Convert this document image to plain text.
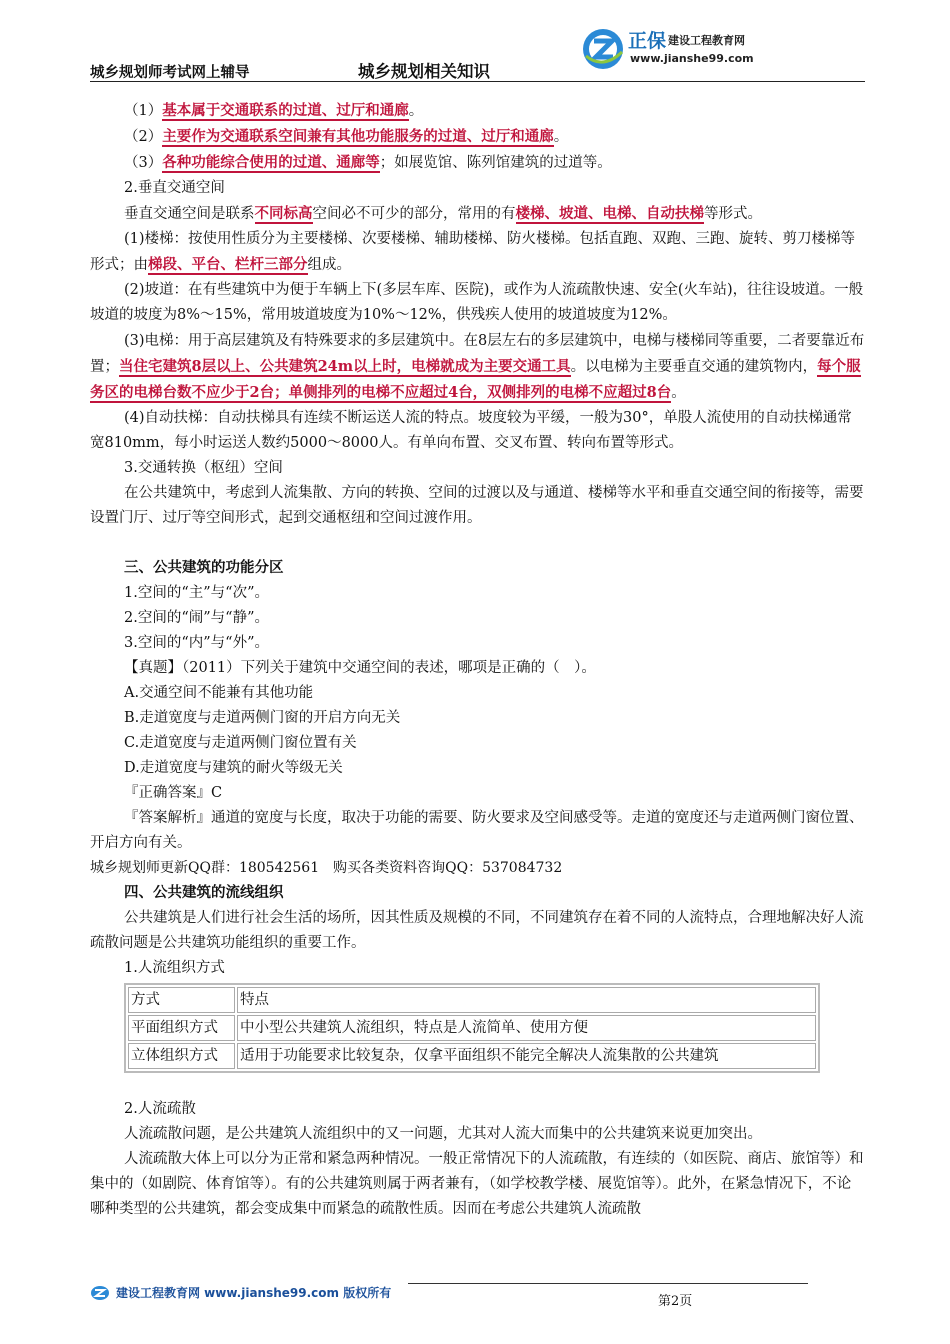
城乡规划师考试网上辅导	城乡规划相关知识
正保 建设工程教育网
www.jianshe99.com

（1）基本属于交通联系的过道、过厅和通廊。

（2）主要作为交通联系空间兼有其他功能服务的过道、过厅和通廊。

（3）各种功能综合使用的过道、通廊等；如展览馆、陈列馆建筑的过道等。

2.垂直交通空间

垂直交通空间是联系不同标高空间必不可少的部分，常用的有楼梯、坡道、电梯、自动扶梯等形式。

(1)楼梯：按使用性质分为主要楼梯、次要楼梯、辅助楼梯、防火楼梯。包括直跑、双跑、三跑、旋转、剪刀楼梯等形式；由梯段、平台、栏杆三部分组成。

(2)坡道：在有些建筑中为便于车辆上下(多层车库、医院)，或作为人流疏散快速、安全(火车站)，往往设坡道。一般坡道的坡度为8%～15%，常用坡道坡度为10%～12%，供残疾人使用的坡道坡度为12%。

(3)电梯：用于高层建筑及有特殊要求的多层建筑中。在8层左右的多层建筑中，电梯与楼梯同等重要，二者要靠近布置；当住宅建筑8层以上、公共建筑24m以上时，电梯就成为主要交通工具。以电梯为主要垂直交通的建筑物内，每个服务区的电梯台数不应少于2台；单侧排列的电梯不应超过4台，双侧排列的电梯不应超过8台。

(4)自动扶梯：自动扶梯具有连续不断运送人流的特点。坡度较为平缓，一般为30°，单股人流使用的自动扶梯通常宽810mm，每小时运送人数约5000～8000人。有单向布置、交叉布置、转向布置等形式。

3.交通转换（枢纽）空间

在公共建筑中，考虑到人流集散、方向的转换、空间的过渡以及与通道、楼梯等水平和垂直交通空间的衔接等，需要设置门厅、过厅等空间形式，起到交通枢纽和空间过渡作用。

三、公共建筑的功能分区

1.空间的“主”与“次”。

2.空间的“闹”与“静”。

3.空间的“内”与“外”。

【真题】（2011）下列关于建筑中交通空间的表述，哪项是正确的（　）。

A.交通空间不能兼有其他功能

B.走道宽度与走道两侧门窗的开启方向无关

C.走道宽度与走道两侧门窗位置有关

D.走道宽度与建筑的耐火等级无关

『正确答案』C

『答案解析』通道的宽度与长度，取决于功能的需要、防火要求及空间感受等。走道的宽度还与走道两侧门窗位置、开启方向有关。

城乡规划师更新QQ群：180542561　购买各类资料咨询QQ：537084732

四、公共建筑的流线组织

公共建筑是人们进行社会生活的场所，因其性质及规模的不同，不同建筑存在着不同的人流特点，合理地解决好人流疏散问题是公共建筑功能组织的重要工作。

1.人流组织方式

方式	特点
平面组织方式	中小型公共建筑人流组织，特点是人流简单、使用方便
立体组织方式	适用于功能要求比较复杂，仅拿平面组织不能完全解决人流集散的公共建筑

2.人流疏散

人流疏散问题，是公共建筑人流组织中的又一问题，尤其对人流大而集中的公共建筑来说更加突出。

人流疏散大体上可以分为正常和紧急两种情况。一般正常情况下的人流疏散，有连续的（如医院、商店、旅馆等）和集中的（如剧院、体育馆等）。有的公共建筑则属于两者兼有，（如学校教学楼、展览馆等）。此外，在紧急情况下，不论哪种类型的公共建筑，都会变成集中而紧急的疏散性质。因而在考虑公共建筑人流疏散

建设工程教育网 www.jianshe99.com 版权所有
第2页
